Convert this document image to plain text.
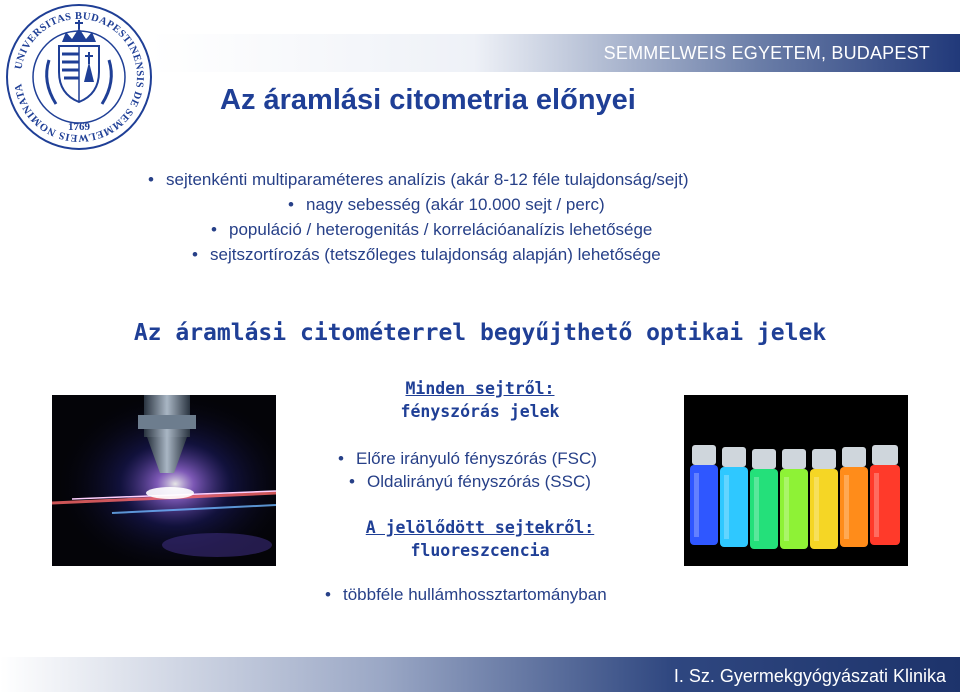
SEMMELWEIS EGYETEM, BUDAPEST
UNIVERSITAS BUDAPESTINENSIS DE SEMMELWEIS NOMINATA
1769
Az áramlási citometria előnyei
• sejtenkénti multiparaméteres analízis (akár 8-12 féle tulajdonság/sejt)
• nagy sebesség (akár 10.000 sejt / perc)
• populáció / heterogenitás / korrelációanalízis lehetősége
• sejtszortírozás (tetszőleges tulajdonság alapján) lehetősége
Az áramlási citométerrel begyűjthető optikai jelek
Minden sejtről:
fényszórás jelek
• Előre irányuló fényszórás (FSC)
• Oldalirányú fényszórás (SSC)
A jelölődött sejtekről:
fluoreszcencia
• többféle hullámhossztartományban
I. Sz. Gyermekgyógyászati Klinika
